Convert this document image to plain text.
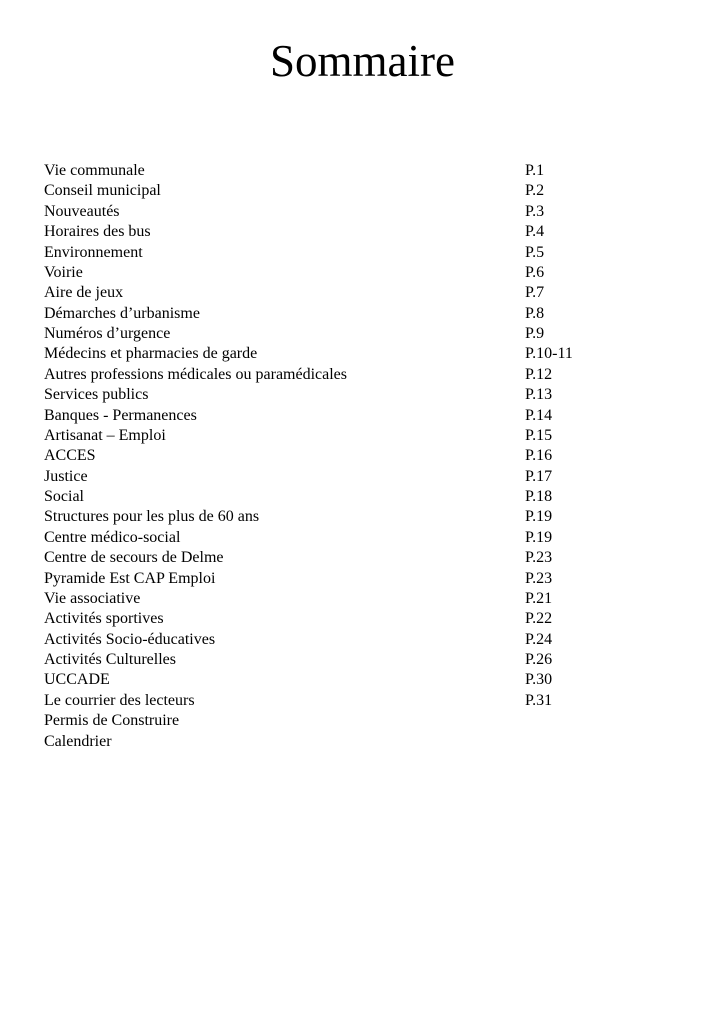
Sommaire
Vie communale	P.1
Conseil municipal	P.2
Nouveautés	P.3
Horaires des bus	P.4
Environnement	P.5
Voirie	P.6
Aire de jeux	P.7
Démarches d’urbanisme	P.8
Numéros d’urgence	P.9
Médecins et pharmacies de garde	P.10-11
Autres professions médicales ou paramédicales	P.12
Services publics	P.13
Banques - Permanences	P.14
Artisanat – Emploi	P.15
ACCES	P.16
Justice	P.17
Social	P.18
Structures pour les plus de 60 ans	P.19
Centre médico-social	P.19
Centre de secours de Delme	P.23
Pyramide Est CAP Emploi	P.23
Vie associative	P.21
Activités sportives	P.22
Activités Socio-éducatives	P.24
Activités Culturelles	P.26
UCCADE	P.30
Le courrier des lecteurs	P.31
Permis de Construire
Calendrier
